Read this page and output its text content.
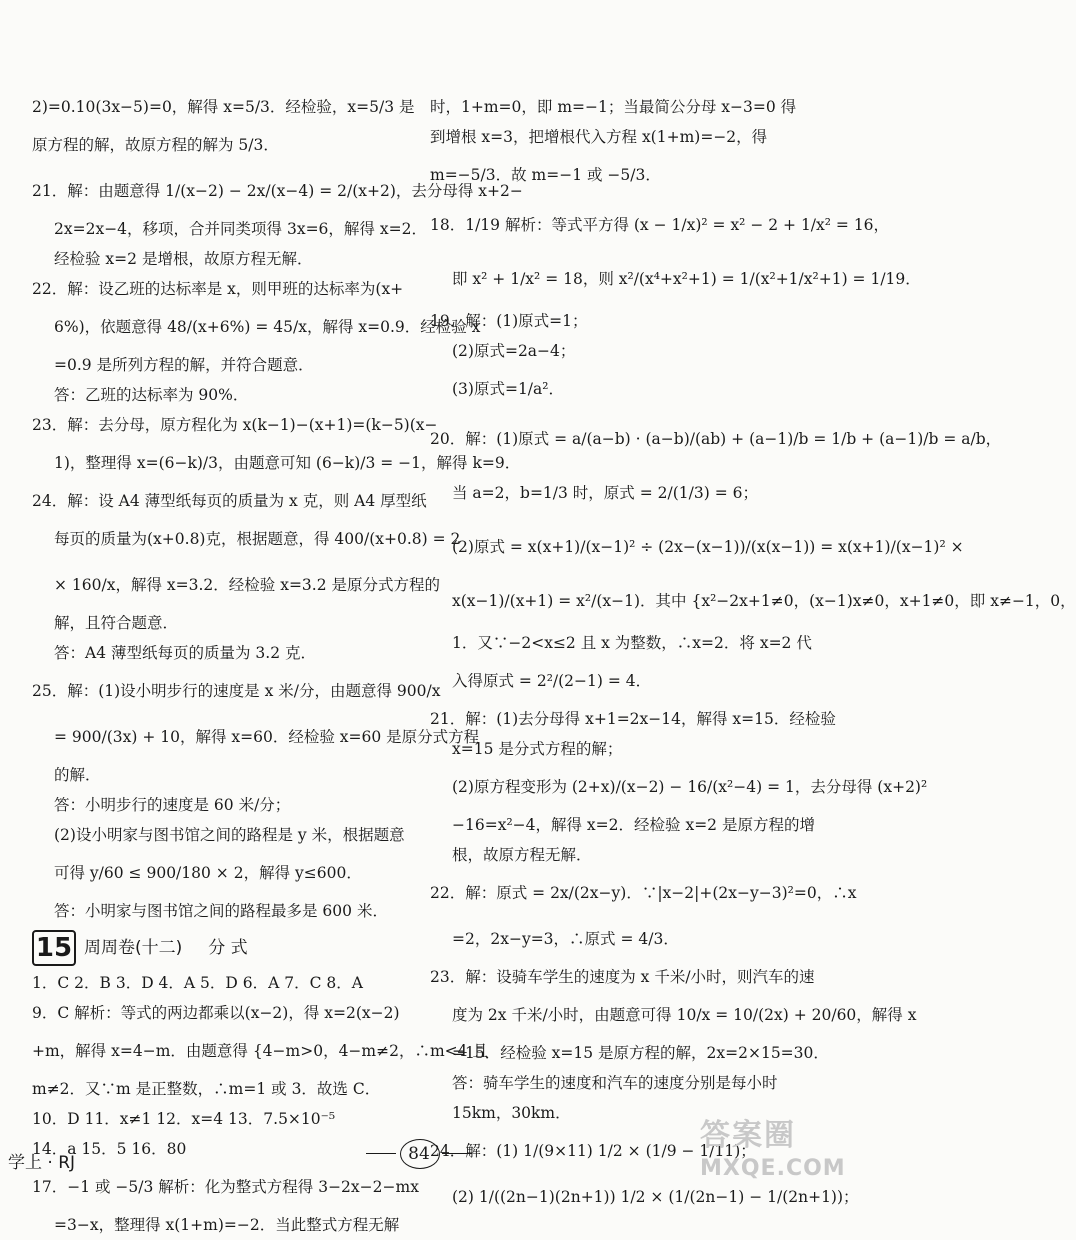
2)=0.10(3x−5)=0，解得 x=5/3．经检验，x=5/3 是
原方程的解，故原方程的解为 5/3．
21．解：由题意得 1/(x−2) − 2x/(x−4) = 2/(x+2)，去分母得 x+2−
2x=2x−4，移项，合并同类项得 3x=6，解得 x=2．
经检验 x=2 是增根，故原方程无解．
22．解：设乙班的达标率是 x，则甲班的达标率为(x+
6%)，依题意得 48/(x+6%) = 45/x，解得 x=0.9．经检验 x
=0.9 是所列方程的解，并符合题意．
答：乙班的达标率为 90%．
23．解：去分母，原方程化为 x(k−1)−(x+1)=(k−5)(x−
1)，整理得 x=(6−k)/3，由题意可知 (6−k)/3 = −1，解得 k=9．
24．解：设 A4 薄型纸每页的质量为 x 克，则 A4 厚型纸
每页的质量为(x+0.8)克，根据题意，得 400/(x+0.8) = 2
× 160/x，解得 x=3.2．经检验 x=3.2 是原分式方程的
解，且符合题意．
答：A4 薄型纸每页的质量为 3.2 克．
25．解：(1)设小明步行的速度是 x 米/分，由题意得 900/x
= 900/(3x) + 10，解得 x=60．经检验 x=60 是原分式方程
的解．
答：小明步行的速度是 60 米/分；
(2)设小明家与图书馆之间的路程是 y 米，根据题意
可得 y/60 ≤ 900/180 × 2，解得 y≤600．
答：小明家与图书馆之间的路程最多是 600 米．
15 周周卷(十二) 分 式
1．C 2．B 3．D 4．A 5．D 6．A 7．C 8．A
9．C 解析：等式的两边都乘以(x−2)，得 x=2(x−2)
+m，解得 x=4−m．由题意得 {4−m>0，4−m≠2，∴m<4 且
m≠2．又∵m 是正整数，∴m=1 或 3．故选 C．
10．D 11．x≠1 12．x=4 13．7.5×10⁻⁵
14．a 15．5 16．80
17．−1 或 −5/3 解析：化为整式方程得 3−2x−2−mx
=3−x，整理得 x(1+m)=−2．当此整式方程无解
时，1+m=0，即 m=−1；当最简公分母 x−3=0 得
到增根 x=3，把增根代入方程 x(1+m)=−2，得
m=−5/3．故 m=−1 或 −5/3．
18．1/19 解析：等式平方得 (x − 1/x)² = x² − 2 + 1/x² = 16，
即 x² + 1/x² = 18，则 x²/(x⁴+x²+1) = 1/(x²+1/x²+1) = 1/19．
19．解：(1)原式=1；
(2)原式=2a−4；
(3)原式=1/a²．
20．解：(1)原式 = a/(a−b) · (a−b)/(ab) + (a−1)/b = 1/b + (a−1)/b = a/b，
当 a=2，b=1/3 时，原式 = 2/(1/3) = 6；
(2)原式 = x(x+1)/(x−1)² ÷ (2x−(x−1))/(x(x−1)) = x(x+1)/(x−1)² ×
x(x−1)/(x+1) = x²/(x−1)．其中 {x²−2x+1≠0，(x−1)x≠0，x+1≠0，即 x≠−1，0，
1．又∵−2<x≤2 且 x 为整数，∴x=2．将 x=2 代
入得原式 = 2²/(2−1) = 4．
21．解：(1)去分母得 x+1=2x−14，解得 x=15．经检验
x=15 是分式方程的解；
(2)原方程变形为 (2+x)/(x−2) − 16/(x²−4) = 1，去分母得 (x+2)²
−16=x²−4，解得 x=2．经检验 x=2 是原方程的增
根，故原方程无解．
22．解：原式 = 2x/(2x−y)．∵|x−2|+(2x−y−3)²=0，∴x
=2，2x−y=3，∴原式 = 4/3．
23．解：设骑车学生的速度为 x 千米/小时，则汽车的速
度为 2x 千米/小时，由题意可得 10/x = 10/(2x) + 20/60，解得 x
=15．经检验 x=15 是原方程的解，2x=2×15=30．
答：骑车学生的速度和汽车的速度分别是每小时
15km，30km．
24．解：(1) 1/(9×11) 1/2 × (1/9 − 1/11)；
(2) 1/((2n−1)(2n+1)) 1/2 × (1/(2n−1) − 1/(2n+1))；
学上 · RJ	84
答案圈
MXQE.COM
